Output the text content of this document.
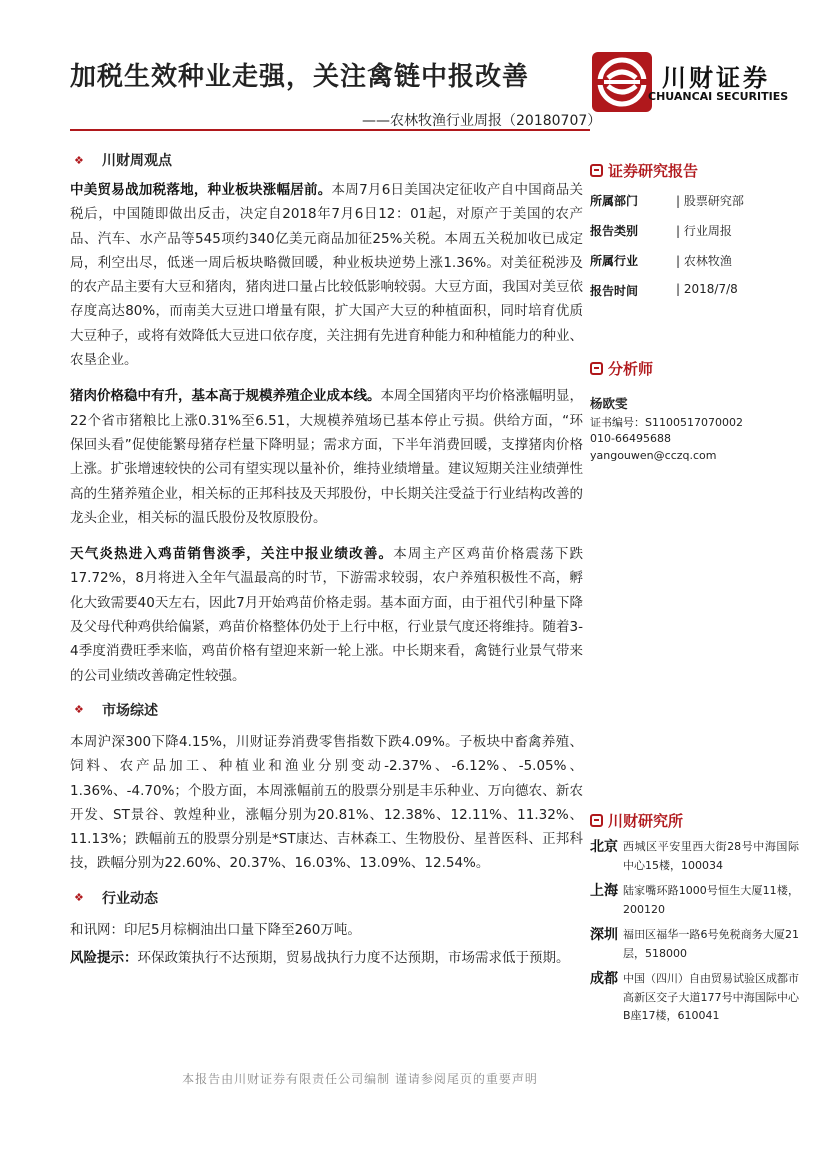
加税生效种业走强，关注禽链中报改善
——农林牧渔行业周报（20180707）
川财证券
CHUANCAI SECURITIES
❖	川财周观点

中美贸易战加税落地，种业板块涨幅居前。本周7月6日美国决定征收产自中国商品关税后，中国随即做出反击，决定自2018年7月6日12：01起，对原产于美国的农产品、汽车、水产品等545项约340亿美元商品加征25%关税。本周五关税加收已成定局，利空出尽，低迷一周后板块略微回暖，种业板块逆势上涨1.36%。对美征税涉及的农产品主要有大豆和猪肉，猪肉进口量占比较低影响较弱。大豆方面，我国对美豆依存度高达80%，而南美大豆进口增量有限，扩大国产大豆的种植面积，同时培育优质大豆种子，或将有效降低大豆进口依存度，关注拥有先进育种能力和种植能力的种业、农垦企业。

猪肉价格稳中有升，基本高于规模养殖企业成本线。本周全国猪肉平均价格涨幅明显，22个省市猪粮比上涨0.31%至6.51，大规模养殖场已基本停止亏损。供给方面，“环保回头看”促使能繁母猪存栏量下降明显；需求方面，下半年消费回暖，支撑猪肉价格上涨。扩张增速较快的公司有望实现以量补价，维持业绩增量。建议短期关注业绩弹性高的生猪养殖企业，相关标的正邦科技及天邦股份，中长期关注受益于行业结构改善的龙头企业，相关标的温氏股份及牧原股份。

天气炎热进入鸡苗销售淡季，关注中报业绩改善。本周主产区鸡苗价格震荡下跌17.72%，8月将进入全年气温最高的时节，下游需求较弱，农户养殖积极性不高，孵化大致需要40天左右，因此7月开始鸡苗价格走弱。基本面方面，由于祖代引种量下降及父母代种鸡供给偏紧，鸡苗价格整体仍处于上行中枢，行业景气度还将维持。随着3-4季度消费旺季来临，鸡苗价格有望迎来新一轮上涨。中长期来看，禽链行业景气带来的公司业绩改善确定性较强。

❖	市场综述

本周沪深300下降4.15%，川财证券消费零售指数下跌4.09%。子板块中畜禽养殖、饲料、农产品加工、种植业和渔业分别变动-2.37%、-6.12%、-5.05%、1.36%、-4.70%；个股方面，本周涨幅前五的股票分别是丰乐种业、万向德农、新农开发、ST景谷、敦煌种业，涨幅分别为20.81%、12.38%、12.11%、11.32%、11.13%；跌幅前五的股票分别是*ST康达、吉林森工、生物股份、星普医科、正邦科技，跌幅分别为22.60%、20.37%、16.03%、13.09%、12.54%。

❖	行业动态

和讯网：印尼5月棕榈油出口量下降至260万吨。

风险提示：环保政策执行不达预期，贸易战执行力度不达预期，市场需求低于预期。

证券研究报告
所属部门	| 股票研究部
报告类别	| 行业周报
所属行业	| 农林牧渔
报告时间	| 2018/7/8
分析师
杨欧雯
证书编号：S1100517070002
010-66495688
yangouwen@cczq.com
川财研究所
北京 西城区平安里西大街28号中海国际中心15楼，100034
上海 陆家嘴环路1000号恒生大厦11楼，200120
深圳 福田区福华一路6号免税商务大厦21层，518000
成都 中国（四川）自由贸易试验区成都市高新区交子大道177号中海国际中心B座17楼，610041
本报告由川财证券有限责任公司编制 谨请参阅尾页的重要声明
